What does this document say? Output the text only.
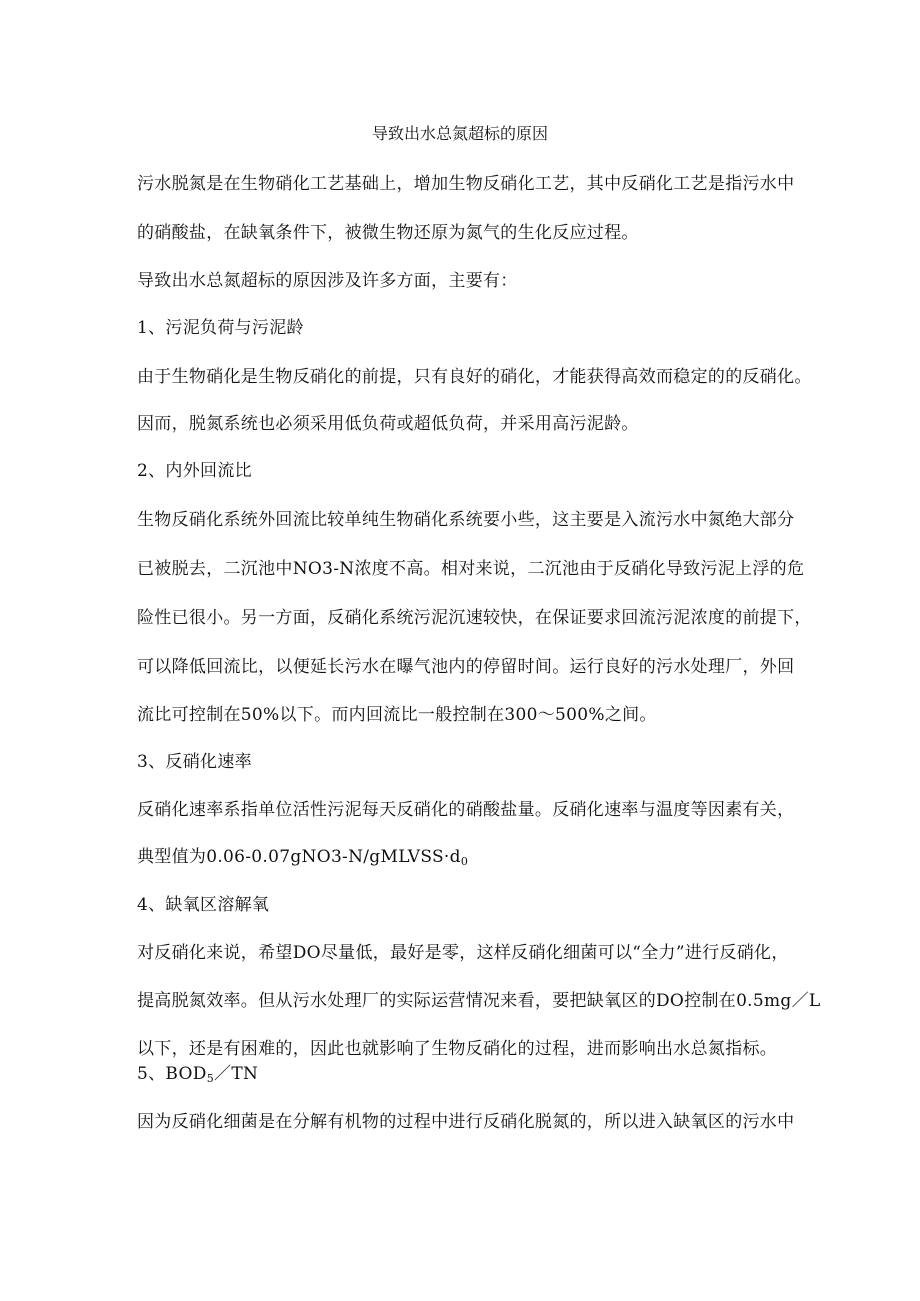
导致出水总氮超标的原因
污水脱氮是在生物硝化工艺基础上，增加生物反硝化工艺，其中反硝化工艺是指污水中
的硝酸盐，在缺氧条件下，被微生物还原为氮气的生化反应过程。
导致出水总氮超标的原因涉及许多方面，主要有：
1、污泥负荷与污泥龄
由于生物硝化是生物反硝化的前提，只有良好的硝化，才能获得高效而稳定的的反硝化。
因而，脱氮系统也必须采用低负荷或超低负荷，并采用高污泥龄。
2、内外回流比
生物反硝化系统外回流比较单纯生物硝化系统要小些，这主要是入流污水中氮绝大部分
已被脱去，二沉池中NO3-N浓度不高。相对来说，二沉池由于反硝化导致污泥上浮的危
险性已很小。另一方面，反硝化系统污泥沉速较快，在保证要求回流污泥浓度的前提下，
可以降低回流比，以便延长污水在曝气池内的停留时间。运行良好的污水处理厂，外回
流比可控制在50%以下。而内回流比一般控制在300～500%之间。
3、反硝化速率
反硝化速率系指单位活性污泥每天反硝化的硝酸盐量。反硝化速率与温度等因素有关，
典型值为$0.06-0.07gNO3-N/gMLVSS\cdot d_0$
4、缺氧区溶解氧
对反硝化来说，希望DO尽量低，最好是零，这样反硝化细菌可以“全力”进行反硝化，
提高脱氮效率。但从污水处理厂的实际运营情况来看，要把缺氧区的DO控制在0.5mg／L
以下，还是有困难的，因此也就影响了生物反硝化的过程，进而影响出水总氮指标。
5、$BOD_5/TN$
因为反硝化细菌是在分解有机物的过程中进行反硝化脱氮的，所以进入缺氧区的污水中
